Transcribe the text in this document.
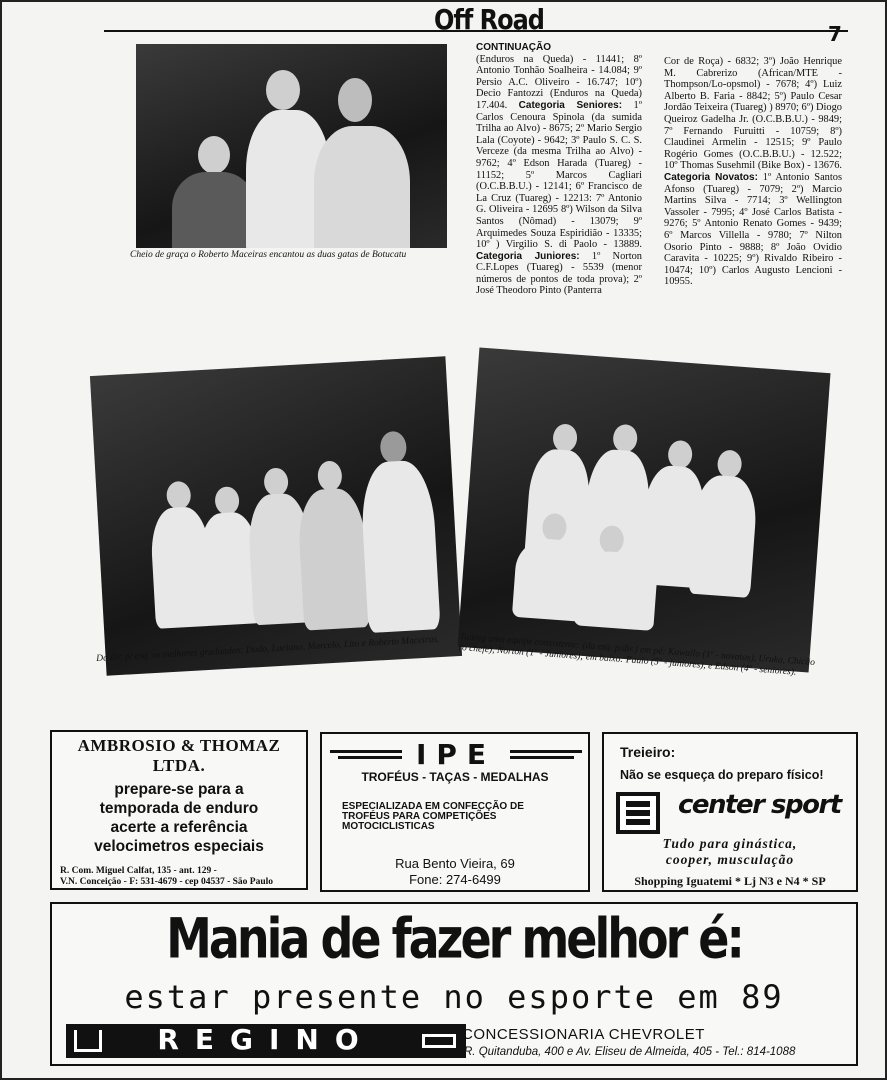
Off Road	7
Cheio de graça o Roberto Maceiras encantou as duas gatas de Botucatu
CONTINUAÇÃO
(Enduros na Queda) - 11441; 8º Antonio Tonhão Soalheira - 14.084; 9º Persio A.C. Oliveiro - 16.747; 10º) Decio Fantozzi (Enduros na Queda) 17.404. Categoria Seniores: 1º Carlos Cenoura Spinola (da sumida Trilha ao Alvo) - 8675; 2º Mario Sergio Lala (Coyote) - 9642; 3º Paulo S. C. S. Verceze (da mesma Trilha ao Alvo) - 9762; 4º Edson Harada (Tuareg) - 11152; 5º Marcos Cagliari (O.C.B.B.U.) - 12141; 6º Francisco de La Cruz (Tuareg) - 12213: 7º Antonio G. Oliveira - 12695 8º) Wilson da Silva Santos (Nômad) - 13079; 9º Arquimedes Souza Espiridião - 13335; 10º ) Virgilio S. di Paolo - 13889. Categoria Juniores: 1º Norton C.F.Lopes (Tuareg) - 5539 (menor números de pontos de toda prova); 2º José Theodoro Pinto (Panterra
Cor de Roça) - 6832; 3º) João Henrique M. Cabrerizo (African/MTE - Thompson/Lo-opsmol) - 7678; 4º) Luiz Alberto B. Faria - 8842; 5º) Paulo Cesar Jordão Teixeira (Tuareg) ) 8970; 6º) Diogo Queiroz Gadelha Jr. (O.C.B.B.U.) - 9849; 7º Fernando Furuitti - 10759; 8º) Claudinei Armelin - 12515; 9º Paulo Rogério Gomes (O.C.B.B.U.) - 12.522; 10º Thomas Susehmil (Bike Box) - 13676. Categoria Novatos: 1º Antonio Santos Afonso (Tuareg) - 7079; 2º) Marcio Martins Silva - 7714; 3º Wellington Vassoler - 7995; 4º José Carlos Batista - 9276; 5º Antonio Renato Gomes - 9439; 6º Marcos Villella - 9780; 7º Nilton Osorio Pinto - 9888; 8º João Ovidio Caravita - 10225; 9º) Rivaldo Ribeiro - 10474; 10º) Carlos Augusto Lencioni - 10955.
Da dir. p/ esq. os melhores graduados: Dado, Luciano, Marcelo, Lito e Roberto Maceiras.	Tuareg uma equipe consistente: (da esq. p/dir.) em pé: Kawallo (1º - novatos), Uruka, Chicão (o chefe), Norton (1º - Juniores); em baixo: Paulo (5º - juniores), e Edson (4º - seniores).
AMBROSIO & THOMAZ
LTDA.
prepare-se para a
temporada de enduro
acerte a referência
velocimetros especiais
R. Com. Miguel Calfat, 135 - ant. 129 -
V.N. Conceição - F: 531-4679 - cep 04537 - São Paulo
IPE
TROFÉUS - TAÇAS - MEDALHAS
ESPECIALIZADA EM CONFECÇÃO DE
TROFÉUS PARA COMPETIÇÕES
MOTOCICLISTICAS
Rua Bento Vieira, 69
Fone: 274-6499
Treieiro:
Não se esqueça do preparo físico!
center sport
Tudo para ginástica,
cooper, musculação
Shopping Iguatemi * Lj N3 e N4 * SP
Mania de fazer melhor é:
estar presente no esporte em 89
REGINO	CONCESSIONARIA CHEVROLET
R. Quitanduba, 400 e Av. Eliseu de Almeida, 405 - Tel.: 814-1088
